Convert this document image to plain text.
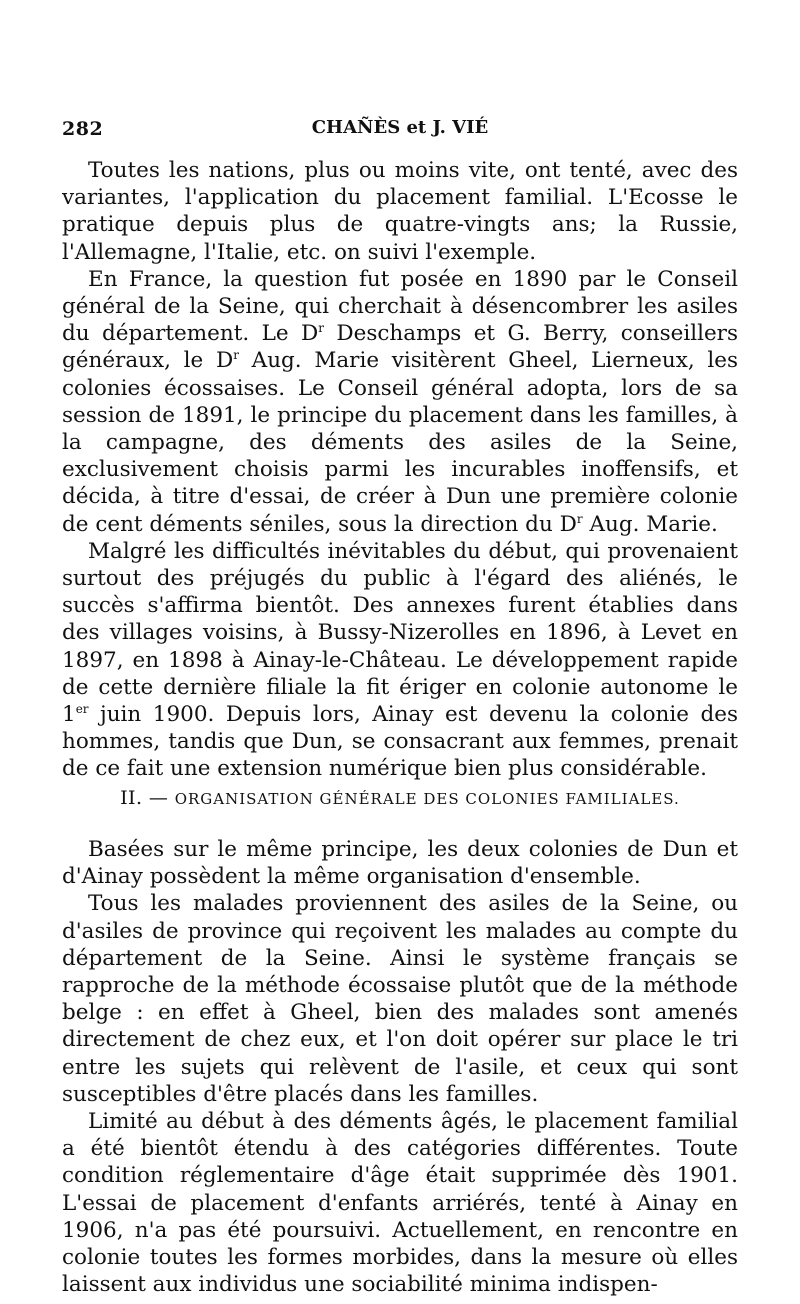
282	CHAÑÈS et J. VIÉ

Toutes les nations, plus ou moins vite, ont tenté, avec des variantes, l'application du placement familial. L'Ecosse le pratique depuis plus de quatre-vingts ans; la Russie, l'Allemagne, l'Italie, etc. on suivi l'exemple.

En France, la question fut posée en 1890 par le Conseil général de la Seine, qui cherchait à désencombrer les asiles du département. Le $D^r$ Deschamps et G. Berry, conseillers généraux, le $D^r$ Aug. Marie visitèrent Gheel, Lierneux, les colonies écossaises. Le Conseil général adopta, lors de sa session de 1891, le principe du placement dans les familles, à la campagne, des déments des asiles de la Seine, exclusivement choisis parmi les incurables inoffensifs, et décida, à titre d'essai, de créer à Dun une première colonie de cent déments séniles, sous la direction du $D^r$ Aug. Marie.

Malgré les difficultés inévitables du début, qui provenaient surtout des préjugés du public à l'égard des aliénés, le succès s'affirma bientôt. Des annexes furent établies dans des villages voisins, à Bussy-Nizerolles en 1896, à Levet en 1897, en 1898 à Ainay-le-Château. Le développement rapide de cette dernière filiale la fit ériger en colonie autonome le 1er juin 1900. Depuis lors, Ainay est devenu la colonie des hommes, tandis que Dun, se consacrant aux femmes, prenait de ce fait une extension numérique bien plus considérable.

II. — ORGANISATION GÉNÉRALE DES COLONIES FAMILIALES.

Basées sur le même principe, les deux colonies de Dun et d'Ainay possèdent la même organisation d'ensemble.

Tous les malades proviennent des asiles de la Seine, ou d'asiles de province qui reçoivent les malades au compte du département de la Seine. Ainsi le système français se rapproche de la méthode écossaise plutôt que de la méthode belge : en effet à Gheel, bien des malades sont amenés directement de chez eux, et l'on doit opérer sur place le tri entre les sujets qui relèvent de l'asile, et ceux qui sont susceptibles d'être placés dans les familles.

Limité au début à des déments âgés, le placement familial a été bientôt étendu à des catégories différentes. Toute condition réglementaire d'âge était supprimée dès 1901. L'essai de placement d'enfants arriérés, tenté à Ainay en 1906, n'a pas été poursuivi. Actuellement, en rencontre en colonie toutes les formes morbides, dans la mesure où elles laissent aux individus une sociabilité minima indispen-
